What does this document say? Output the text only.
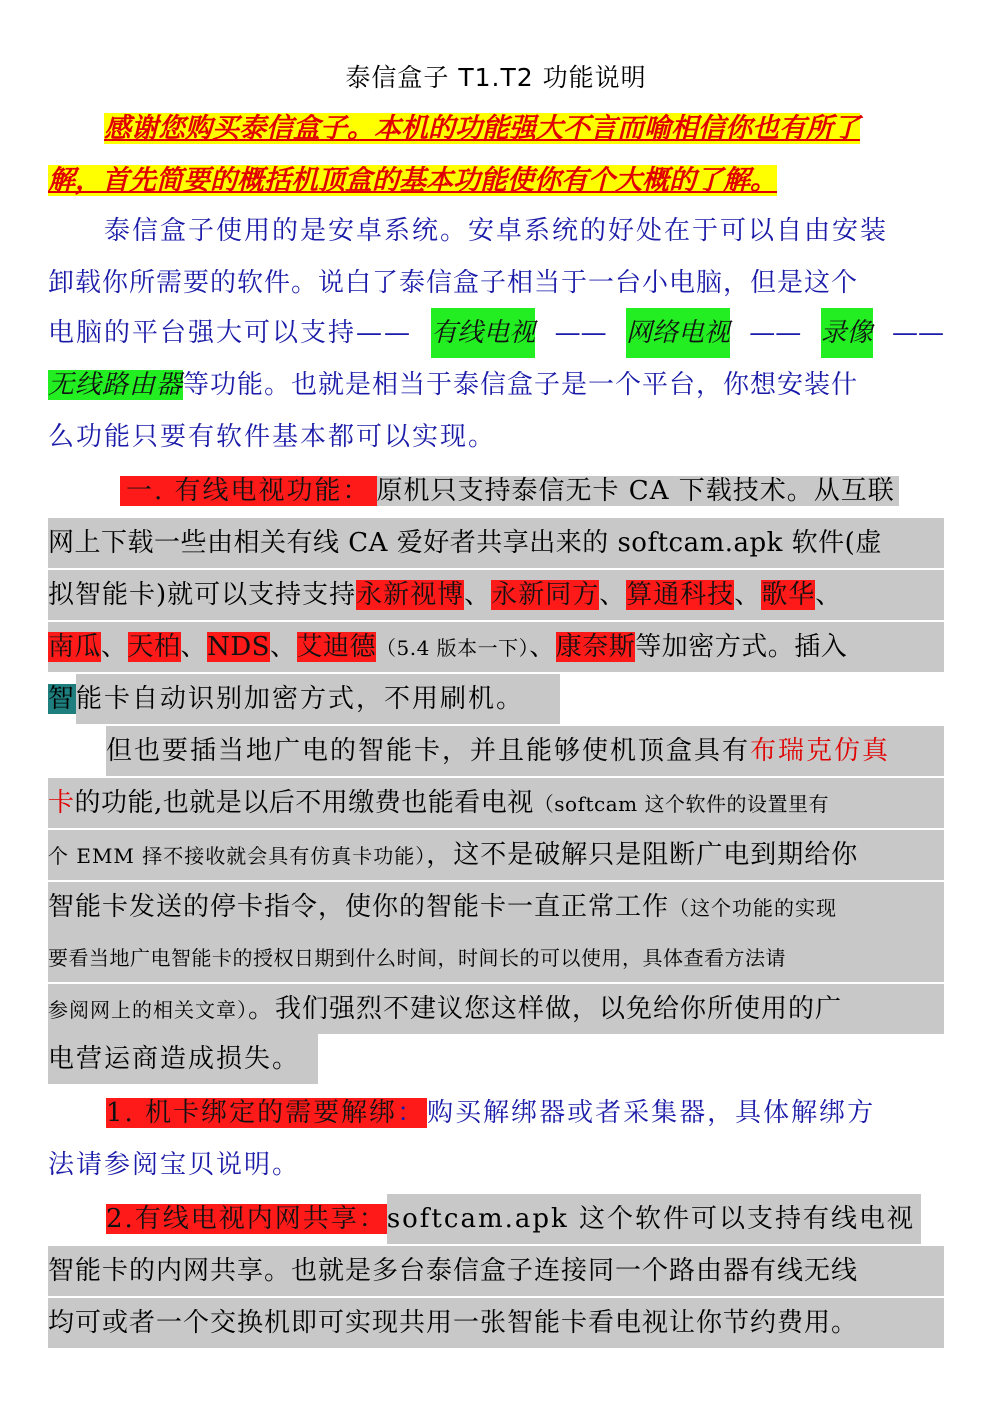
泰信盒子 T1.T2 功能说明
感谢您购买泰信盒子。本机的功能强大不言而喻相信你也有所了
解，首先简要的概括机顶盒的基本功能使你有个大概的了解。
泰信盒子使用的是安卓系统。安卓系统的好处在于可以自由安装
卸载你所需要的软件。说白了泰信盒子相当于一台小电脑，但是这个
电脑的平台强大可以支持—— 有线电视 —— 网络电视 —— 录像 ——
无线路由器等功能。也就是相当于泰信盒子是一个平台，你想安装什
么功能只要有软件基本都可以实现。
一. 有线电视功能： 原机只支持泰信无卡 CA 下载技术。从互联
网上下载一些由相关有线 CA 爱好者共享出来的 softcam.apk 软件(虚
拟智能卡)就可以支持支持永新视博、永新同方、算通科技、歌华、
南瓜、天柏、NDS、艾迪德（5.4 版本一下）、康奈斯等加密方式。插入
智能卡自动识别加密方式，不用刷机。
但也要插当地广电的智能卡，并且能够使机顶盒具有布瑞克仿真
卡的功能,也就是以后不用缴费也能看电视（softcam 这个软件的设置里有
个 EMM 择不接收就会具有仿真卡功能），这不是破解只是阻断广电到期给你
智能卡发送的停卡指令，使你的智能卡一直正常工作（这个功能的实现
要看当地广电智能卡的授权日期到什么时间，时间长的可以使用，具体查看方法请
参阅网上的相关文章）。我们强烈不建议您这样做，以免给你所使用的广
电营运商造成损失。
1. 机卡绑定的需要解绑：购买解绑器或者采集器，具体解绑方
法请参阅宝贝说明。
2.有线电视内网共享：softcam.apk 这个软件可以支持有线电视
智能卡的内网共享。也就是多台泰信盒子连接同一个路由器有线无线
均可或者一个交换机即可实现共用一张智能卡看电视让你节约费用。
